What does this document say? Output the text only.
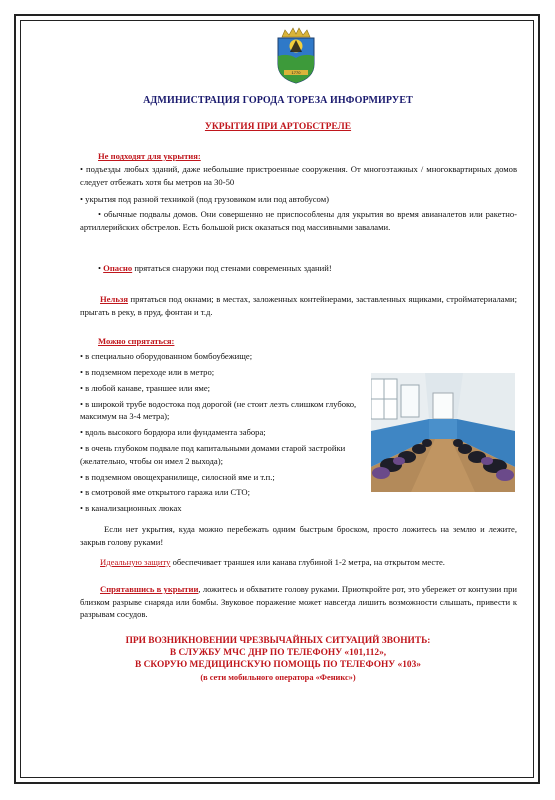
1770

АДМИНИСТРАЦИЯ ГОРОДА ТОРЕЗА ИНФОРМИРУЕТ

УКРЫТИЯ ПРИ АРТОБСТРЕЛЕ

Не подходят для укрытия:

• подъезды любых зданий, даже небольшие пристроенные сооружения. От многоэтажных / многоквартирных домов следует отбежать хотя бы метров на 30-50

• укрытия под разной техникой (под грузовиком или под автобусом)

• обычные подвалы домов. Они совершенно не приспособлены для укрытия во время авианалетов или ракетно-артиллерийских обстрелов. Есть большой риск оказаться под массивными завалами.

• Опасно прятаться снаружи под стенами современных зданий!

Нельзя прятаться под окнами; в местах, заложенных контейнерами, заставленных ящиками, стройматериалами; прыгать в реку, в пруд, фонтан и т.д.

Можно спрятаться:

• в специально оборудованном бомбоубежище;
• в подземном переходе или в метро;
• в любой канаве, траншее или яме;
• в широкой трубе водостока под дорогой (не стоит лезть слишком глубоко, максимум на 3-4 метра);
• вдоль высокого бордюра или фундамента забора;
• в очень глубоком подвале под капитальными домами старой застройки (желательно, чтобы он имел 2 выхода);
• в подземном овощехранилище, силосной яме и т.п.;
• в смотровой яме открытого гаража или СТО;
• в канализационных люках

Если нет укрытия, куда можно перебежать одним быстрым броском, просто ложитесь на землю и лежите, закрыв голову руками!

Идеальную защиту обеспечивает траншея или канава глубиной 1-2 метра, на открытом месте.

Спрятавшись в укрытии, ложитесь и обхватите голову руками. Приоткройте рот, это убережет от контузии при близком разрыве снаряда или бомбы. Звуковое поражение может навсегда лишить возможности слышать, привести к разрывам сосудов.

ПРИ ВОЗНИКНОВЕНИИ ЧРЕЗВЫЧАЙНЫХ СИТУАЦИЙ ЗВОНИТЬ:

В СЛУЖБУ МЧС ДНР ПО ТЕЛЕФОНУ «101,112»,

В СКОРУЮ МЕДИЦИНСКУЮ ПОМОЩЬ ПО ТЕЛЕФОНУ «103»

(в сети мобильного оператора «Феникс»)
